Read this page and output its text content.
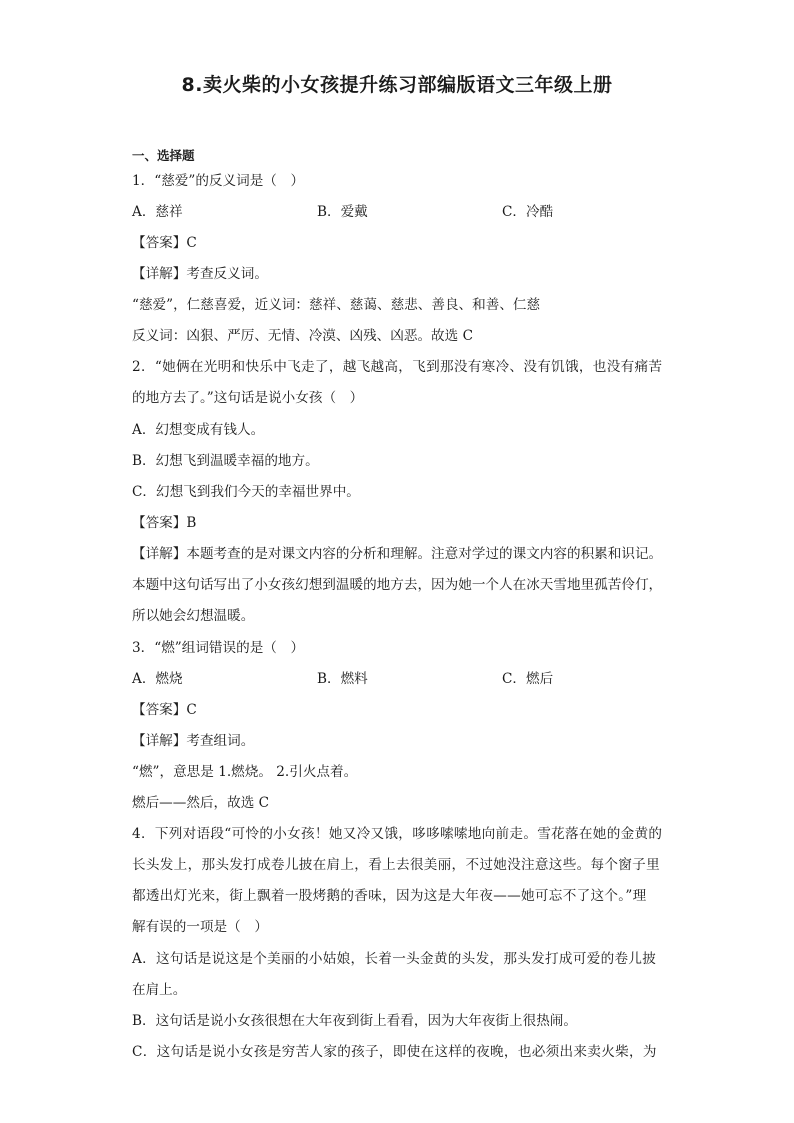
8.卖火柴的小女孩提升练习部编版语文三年级上册
一、选择题
1．“慈爱”的反义词是（　）
A．慈祥	B．爱戴	C．冷酷
【答案】C
【详解】考查反义词。
“慈爱”，仁慈喜爱，近义词：慈祥、慈蔼、慈悲、善良、和善、仁慈
反义词：凶狠、严厉、无情、冷漠、凶残、凶恶。故选 C
2．“她俩在光明和快乐中飞走了，越飞越高，飞到那没有寒冷、没有饥饿，也没有痛苦
的地方去了。”这句话是说小女孩（　）
A．幻想变成有钱人。
B．幻想飞到温暖幸福的地方。
C．幻想飞到我们今天的幸福世界中。
【答案】B
【详解】本题考查的是对课文内容的分析和理解。注意对学过的课文内容的积累和识记。
本题中这句话写出了小女孩幻想到温暖的地方去，因为她一个人在冰天雪地里孤苦伶仃，
所以她会幻想温暖。
3．“燃”组词错误的是（　）
A．燃烧	B．燃料	C．燃后
【答案】C
【详解】考查组词。
“燃”，意思是 1.燃烧。 2.引火点着。
燃后——然后，故选 C
4．下列对语段“可怜的小女孩！她又冷又饿，哆哆嗦嗦地向前走。雪花落在她的金黄的
长头发上，那头发打成卷儿披在肩上，看上去很美丽，不过她没注意这些。每个窗子里
都透出灯光来，街上飘着一股烤鹅的香味，因为这是大年夜——她可忘不了这个。”理
解有误的一项是（　）
A．这句话是说这是个美丽的小姑娘，长着一头金黄的头发，那头发打成可爱的卷儿披
在肩上。
B．这句话是说小女孩很想在大年夜到街上看看，因为大年夜街上很热闹。
C．这句话是说小女孩是穷苦人家的孩子，即使在这样的夜晚，也必须出来卖火柴，为
